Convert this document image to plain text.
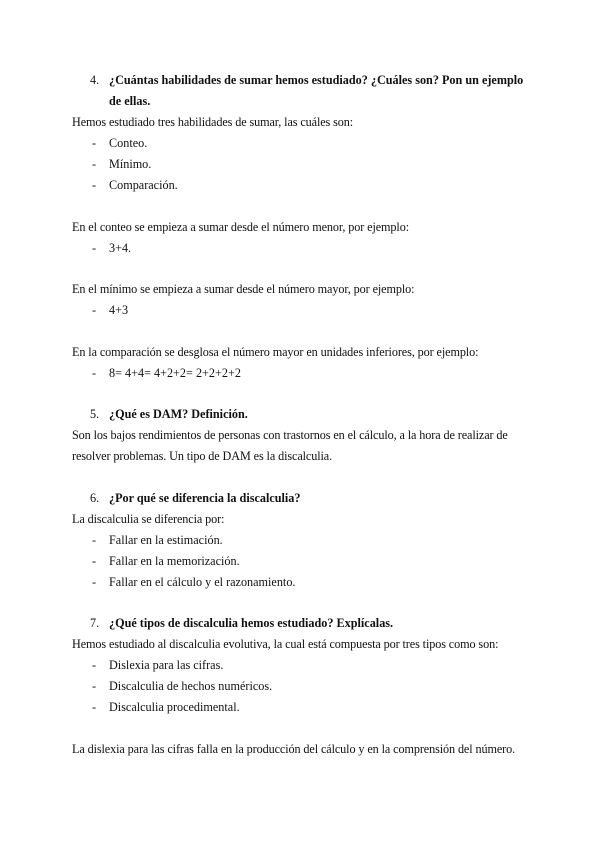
4. ¿Cuántas habilidades de sumar hemos estudiado? ¿Cuáles son? Pon un ejemplo
de ellas.
Hemos estudiado tres habilidades de sumar, las cuáles son:
- Conteo.
- Mínimo.
- Comparación.
En el conteo se empieza a sumar desde el número menor, por ejemplo:
- 3+4.
En el mínimo se empieza a sumar desde el número mayor, por ejemplo:
- 4+3
En la comparación se desglosa el número mayor en unidades inferiores, por ejemplo:
- 8= 4+4= 4+2+2= 2+2+2+2
5. ¿Qué es DAM? Definición.
Son los bajos rendimientos de personas con trastornos en el cálculo, a la hora de realizar de
resolver problemas. Un tipo de DAM es la discalculia.
6. ¿Por qué se diferencia la discalculia?
La discalculia se diferencia por:
- Fallar en la estimación.
- Fallar en la memorización.
- Fallar en el cálculo y el razonamiento.
7. ¿Qué tipos de discalculia hemos estudiado? Explícalas.
Hemos estudiado al discalculia evolutiva, la cual está compuesta por tres tipos como son:
- Dislexia para las cifras.
- Discalculia de hechos numéricos.
- Discalculia procedimental.
La dislexia para las cifras falla en la producción del cálculo y en la comprensión del número.
